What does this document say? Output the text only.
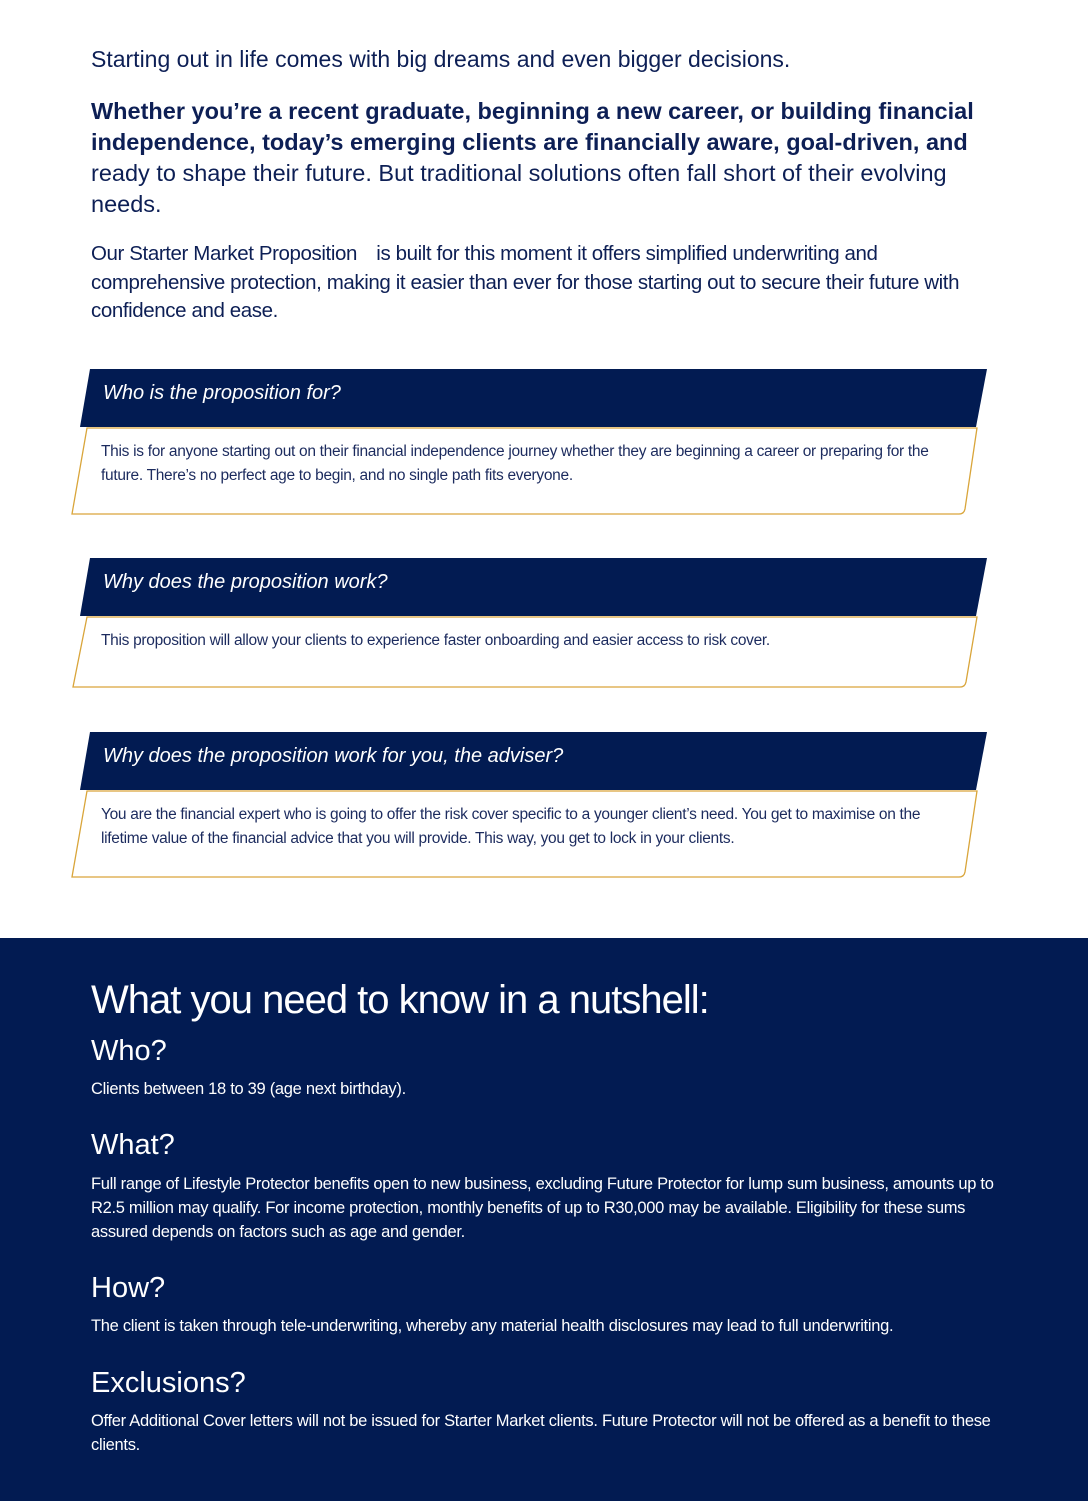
Starting out in life comes with big dreams and even bigger decisions.
Whether you’re a recent graduate, beginning a new career, or building financial independence, today’s emerging clients are financially aware, goal-driven, and ready to shape their future. But traditional solutions often fall short of their evolving needs.
Our Starter Market Proposition is built for this moment it offers simplified underwriting and comprehensive protection, making it easier than ever for those starting out to secure their future with confidence and ease.
Who is the proposition for?
This is for anyone starting out on their financial independence journey whether they are beginning a career or preparing for the future. There’s no perfect age to begin, and no single path fits everyone.
Why does the proposition work?
This proposition will allow your clients to experience faster onboarding and easier access to risk cover.
Why does the proposition work for you, the adviser?
You are the financial expert who is going to offer the risk cover specific to a younger client’s need. You get to maximise on the lifetime value of the financial advice that you will provide. This way, you get to lock in your clients.
What you need to know in a nutshell:
Who?
Clients between 18 to 39 (age next birthday).
What?
Full range of Lifestyle Protector benefits open to new business, excluding Future Protector for lump sum business, amounts up to R2.5 million may qualify. For income protection, monthly benefits of up to R30,000 may be available. Eligibility for these sums assured depends on factors such as age and gender.
How?
The client is taken through tele-underwriting, whereby any material health disclosures may lead to full underwriting.
Exclusions?
Offer Additional Cover letters will not be issued for Starter Market clients. Future Protector will not be offered as a benefit to these clients.
